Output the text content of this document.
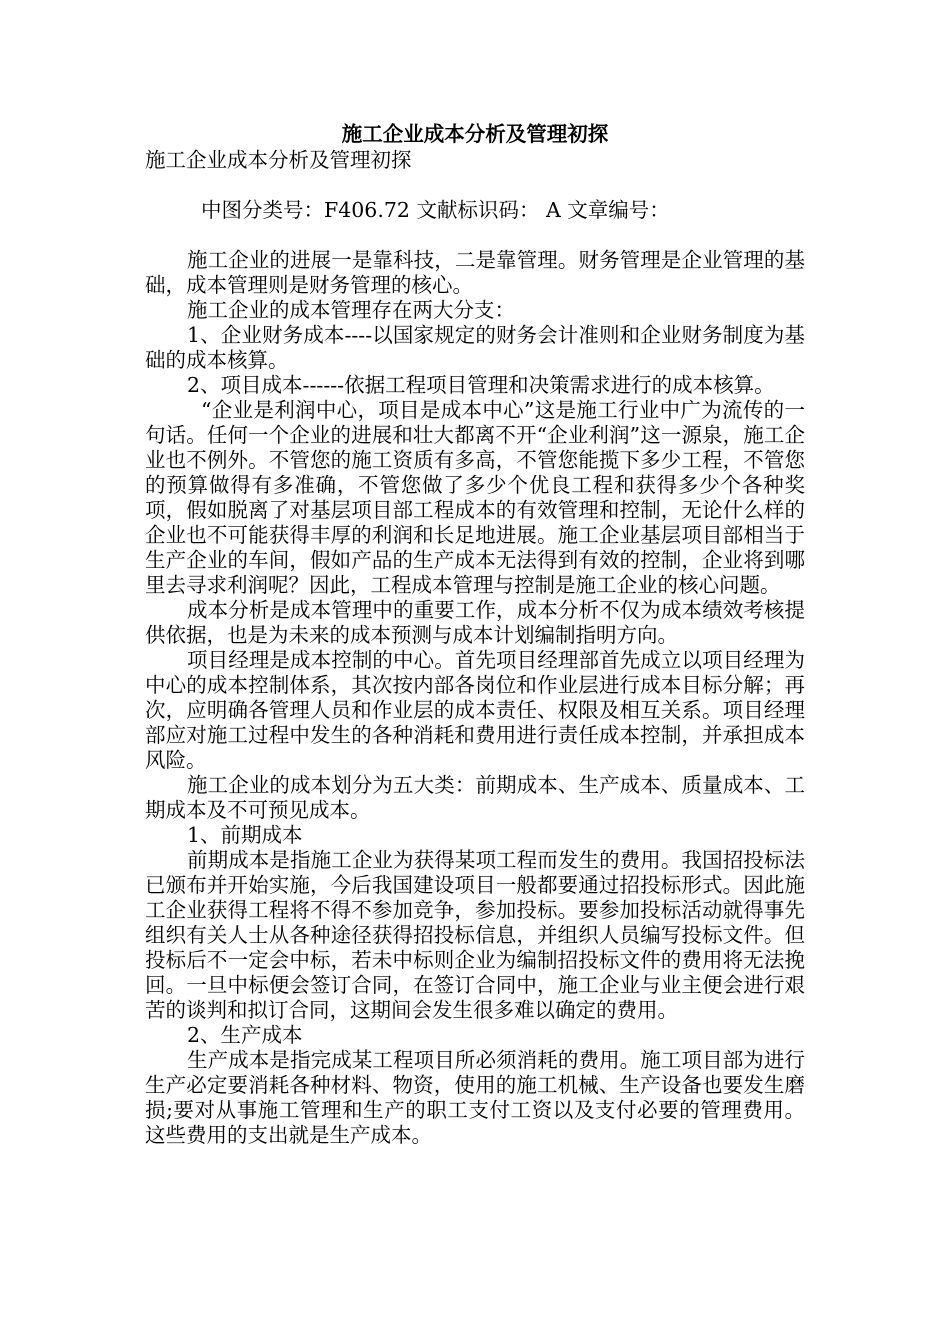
施工企业成本分析及管理初探

施工企业成本分析及管理初探

中图分类号：F406.72 文献标识码： A 文章编号：

施工企业的进展一是靠科技，二是靠管理。财务管理是企业管理的基础，成本管理则是财务管理的核心。

施工企业的成本管理存在两大分支：

1、企业财务成本----以国家规定的财务会计准则和企业财务制度为基础的成本核算。

2、项目成本------依据工程项目管理和决策需求进行的成本核算。

“企业是利润中心，项目是成本中心”这是施工行业中广为流传的一句话。任何一个企业的进展和壮大都离不开“企业利润”这一源泉，施工企业也不例外。不管您的施工资质有多高，不管您能揽下多少工程，不管您的预算做得有多准确，不管您做了多少个优良工程和获得多少个各种奖项，假如脱离了对基层项目部工程成本的有效管理和控制，无论什么样的企业也不可能获得丰厚的利润和长足地进展。施工企业基层项目部相当于生产企业的车间，假如产品的生产成本无法得到有效的控制，企业将到哪里去寻求利润呢？因此，工程成本管理与控制是施工企业的核心问题。

成本分析是成本管理中的重要工作，成本分析不仅为成本绩效考核提供依据，也是为未来的成本预测与成本计划编制指明方向。

项目经理是成本控制的中心。首先项目经理部首先成立以项目经理为中心的成本控制体系，其次按内部各岗位和作业层进行成本目标分解；再次，应明确各管理人员和作业层的成本责任、权限及相互关系。项目经理部应对施工过程中发生的各种消耗和费用进行责任成本控制，并承担成本风险。

施工企业的成本划分为五大类：前期成本、生产成本、质量成本、工期成本及不可预见成本。

1、前期成本

前期成本是指施工企业为获得某项工程而发生的费用。我国招投标法已颁布并开始实施，今后我国建设项目一般都要通过招投标形式。因此施工企业获得工程将不得不参加竞争，参加投标。要参加投标活动就得事先组织有关人士从各种途径获得招投标信息，并组织人员编写投标文件。但投标后不一定会中标，若未中标则企业为编制招投标文件的费用将无法挽回。一旦中标便会签订合同，在签订合同中，施工企业与业主便会进行艰苦的谈判和拟订合同，这期间会发生很多难以确定的费用。

2、生产成本

生产成本是指完成某工程项目所必须消耗的费用。施工项目部为进行生产必定要消耗各种材料、物资，使用的施工机械、生产设备也要发生磨损;要对从事施工管理和生产的职工支付工资以及支付必要的管理费用。这些费用的支出就是生产成本。
